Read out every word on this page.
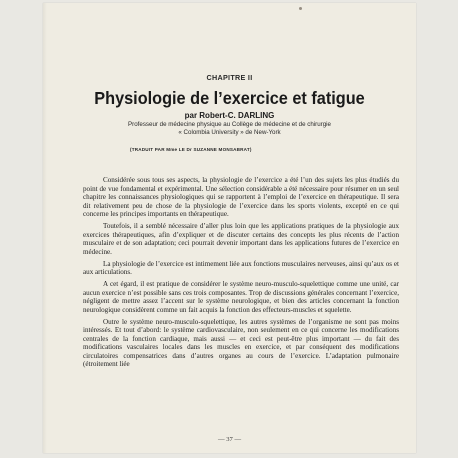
CHAPITRE II

Physiologie de l’exercice et fatigue

par Robert-C. DARLING

Professeur de médecine physique au Collège de médecine et de chirurgie

« Colombia University » de New-York

(TRADUIT PAR Mme LE Dr SUZANNE MONSABRAT)

Considérée sous tous ses aspects, la physiologie de l’exercice a été l’un des sujets les plus étudiés du point de vue fondamental et expérimental. Une sélection considérable a été nécessaire pour résumer en un seul chapitre les connaissances physiologiques qui se rapportent à l’emploi de l’exercice en thérapeutique. Il sera dit relativement peu de chose de la physiologie de l’exercice dans les sports violents, excepté en ce qui concerne les principes importants en thérapeutique.

Toutefois, il a semblé nécessaire d’aller plus loin que les applications pratiques de la physiologie aux exercices thérapeutiques, afin d’expliquer et de discuter certains des concepts les plus récents de l’action musculaire et de son adaptation; ceci pourrait devenir important dans les applications futures de l’exercice en médecine.

La physiologie de l’exercice est intimement liée aux fonctions musculaires nerveuses, ainsi qu’aux os et aux articulations.

A cet égard, il est pratique de considérer le système neuro-musculo-squelettique comme une unité, car aucun exercice n’est possible sans ces trois composantes. Trop de discussions générales concernant l’exercice, négligent de mettre assez l’accent sur le système neurologique, et bien des articles concernant la fonction neurologique considèrent comme un fait acquis la fonction des effecteurs-muscles et squelette.

Outre le système neuro-musculo-squelettique, les autres systèmes de l’organisme ne sont pas moins intéressés. Et tout d’abord: le système cardiovasculaire, non seulement en ce qui concerne les modifications centrales de la fonction cardiaque, mais aussi — et ceci est peut-être plus important — du fait des modifications vasculaires locales dans les muscles en exercice, et par conséquent des modifications circulatoires compensatrices dans d’autres organes au cours de l’exercice. L’adaptation pulmonaire (étroitement liée

— 37 —
